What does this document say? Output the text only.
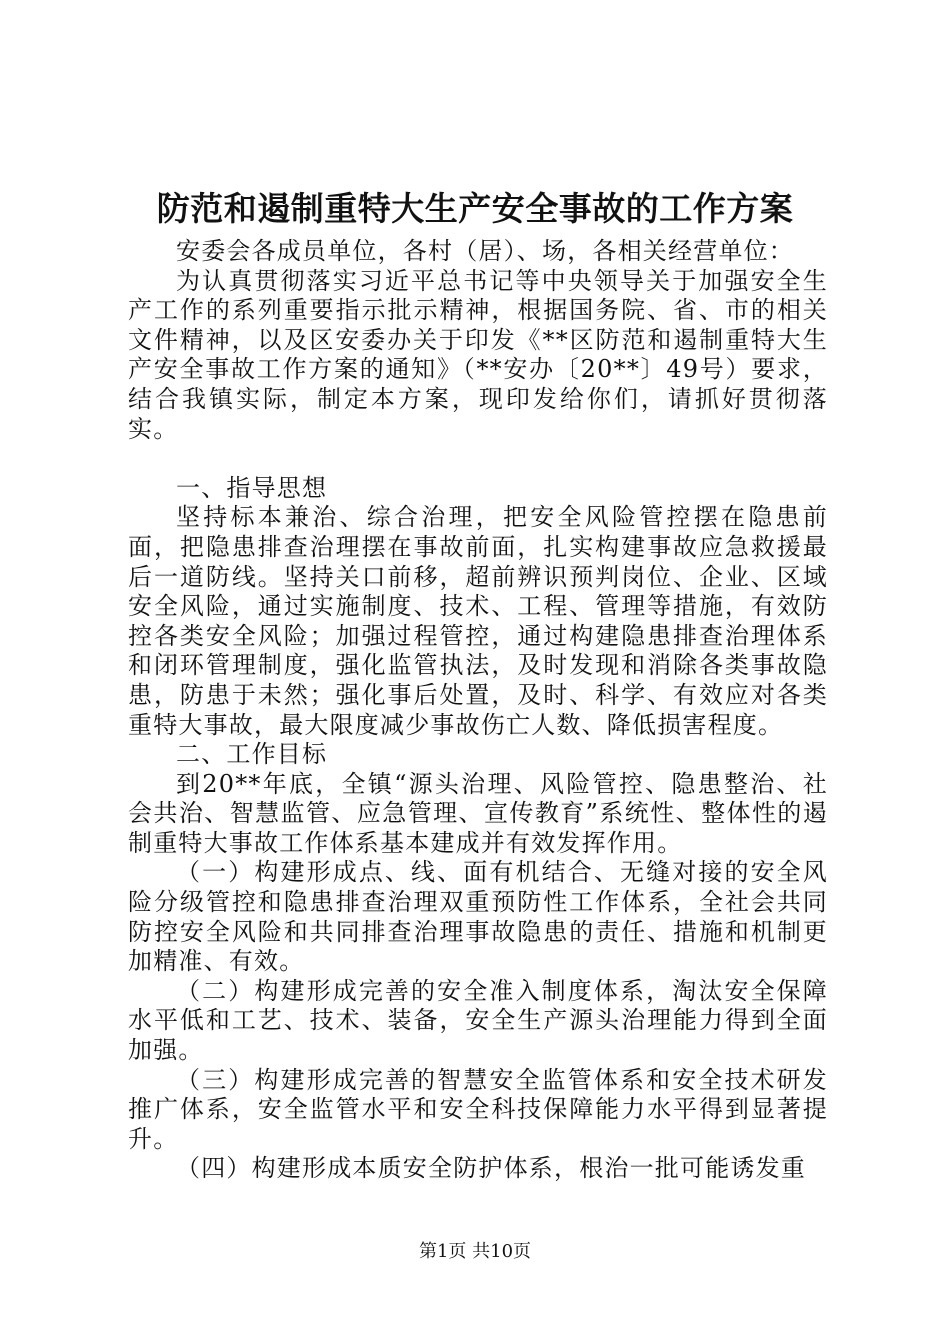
防范和遏制重特大生产安全事故的工作方案

安委会各成员单位，各村（居）、场，各相关经营单位：

为认真贯彻落实习近平总书记等中央领导关于加强安全生产工作的系列重要指示批示精神，根据国务院、省、市的相关文件精神，以及区安委办关于印发《**区防范和遏制重特大生产安全事故工作方案的通知》（**安办〔20**〕49号）要求，结合我镇实际，制定本方案，现印发给你们，请抓好贯彻落实。

一、指导思想

坚持标本兼治、综合治理，把安全风险管控摆在隐患前面，把隐患排查治理摆在事故前面，扎实构建事故应急救援最后一道防线。坚持关口前移，超前辨识预判岗位、企业、区域安全风险，通过实施制度、技术、工程、管理等措施，有效防控各类安全风险；加强过程管控，通过构建隐患排查治理体系和闭环管理制度，强化监管执法，及时发现和消除各类事故隐患，防患于未然；强化事后处置，及时、科学、有效应对各类重特大事故，最大限度减少事故伤亡人数、降低损害程度。

二、工作目标

到20**年底，全镇“源头治理、风险管控、隐患整治、社会共治、智慧监管、应急管理、宣传教育”系统性、整体性的遏制重特大事故工作体系基本建成并有效发挥作用。

（一）构建形成点、线、面有机结合、无缝对接的安全风险分级管控和隐患排查治理双重预防性工作体系，全社会共同防控安全风险和共同排查治理事故隐患的责任、措施和机制更加精准、有效。

（二）构建形成完善的安全准入制度体系，淘汰安全保障水平低和工艺、技术、装备，安全生产源头治理能力得到全面加强。

（三）构建形成完善的智慧安全监管体系和安全技术研发推广体系，安全监管水平和安全科技保障能力水平得到显著提升。

（四）构建形成本质安全防护体系，根治一批可能诱发重

第1页 共10页
